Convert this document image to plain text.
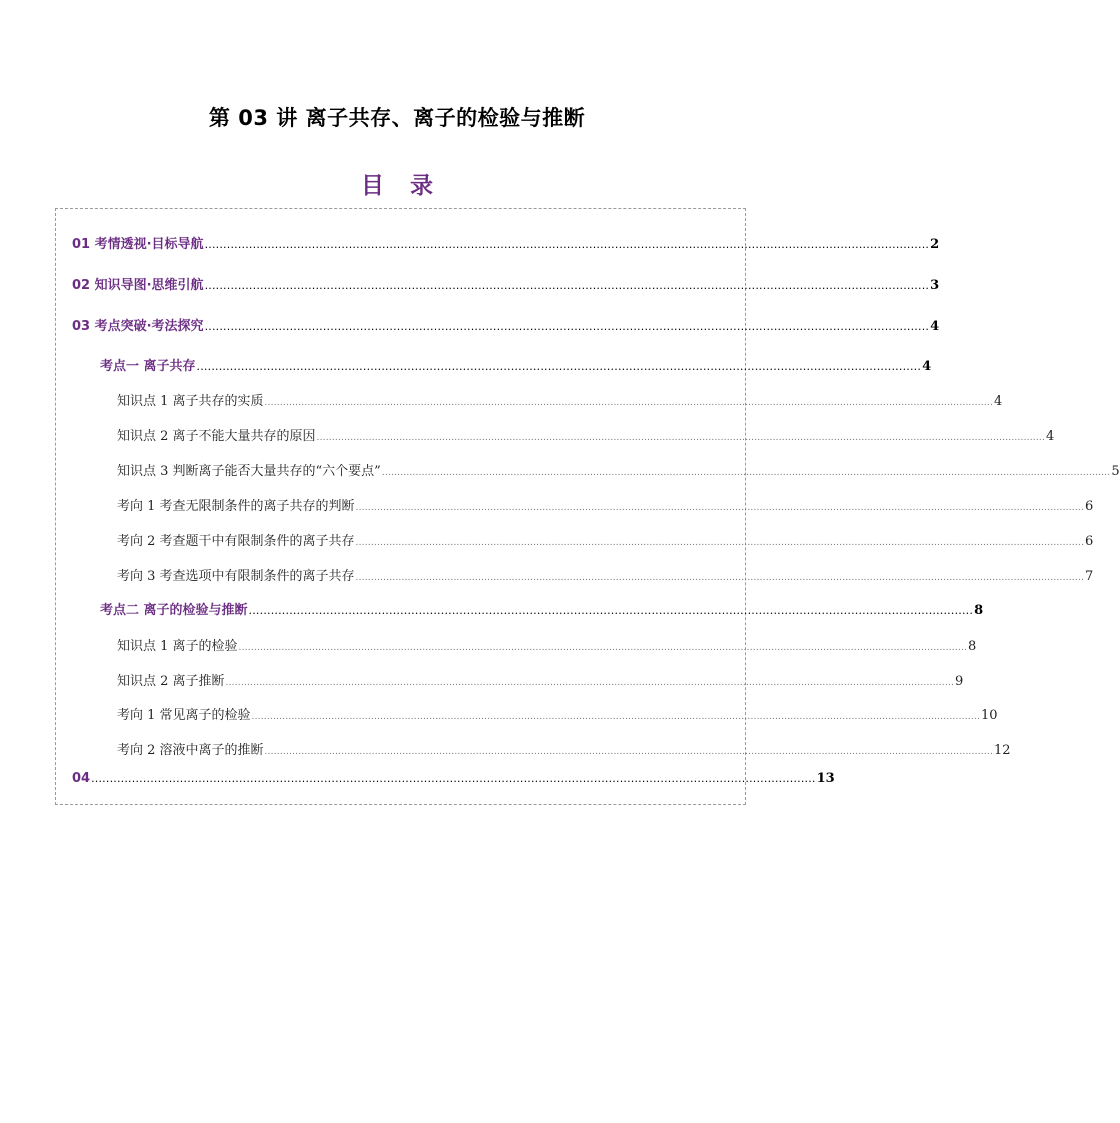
第 03 讲 离子共存、离子的检验与推断
目录
01 考情透视·目标导航 .................................................................................................................................................................................................... 2
02 知识导图·思维引航 .................................................................................................................................................................................................... 3
03 考点突破·考法探究 .................................................................................................................................................................................................... 4
考点一 离子共存 .................................................................................................................................................................................................... 4
知识点 1 离子共存的实质 .............................................................................................................................................................................................................................................. 4
知识点 2 离子不能大量共存的原因 .............................................................................................................................................................................................................................................. 4
知识点 3 判断离子能否大量共存的“六个要点” .............................................................................................................................................................................................................................................. 5
考向 1 考查无限制条件的离子共存的判断 .............................................................................................................................................................................................................................................. 6
考向 2 考查题干中有限制条件的离子共存 .............................................................................................................................................................................................................................................. 6
考向 3 考查选项中有限制条件的离子共存 .............................................................................................................................................................................................................................................. 7
考点二 离子的检验与推断 .................................................................................................................................................................................................... 8
知识点 1 离子的检验 .............................................................................................................................................................................................................................................. 8
知识点 2 离子推断 .............................................................................................................................................................................................................................................. 9
考向 1 常见离子的检验 .............................................................................................................................................................................................................................................. 10
考向 2 溶液中离子的推断 .............................................................................................................................................................................................................................................. 12
04 .................................................................................................................................................................................................... 13
